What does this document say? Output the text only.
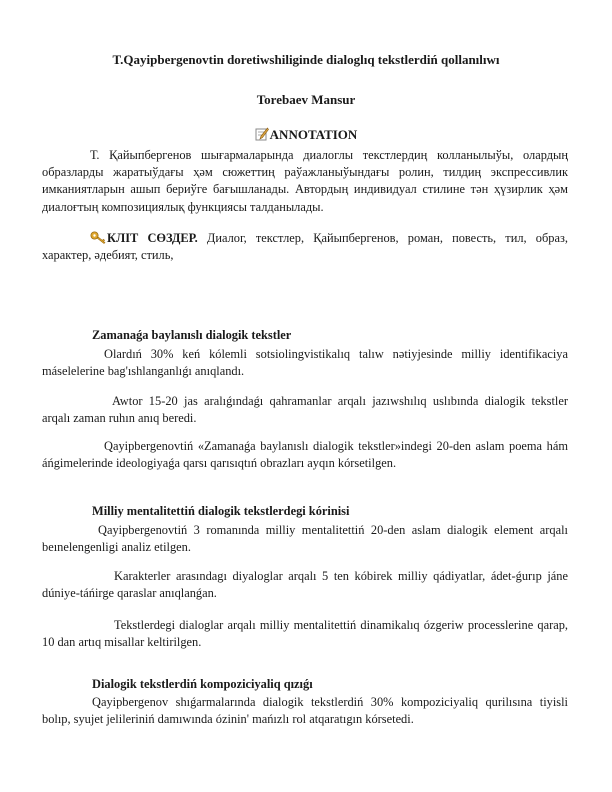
T.Qayipbergenovtin doretiwshiliginde dialoglıq tekstlerdiń qollanılıwı
Torebaev Mansur
ANNOTATION
Т. Қайыпбергенов шығармаларында диалоглы текстлердиң колланылыўы, олардың образларды жаратыўдағы ҳәм сюжеттиң раўажланыўындағы ролин, тилдиң экспрессивлик имканиятларын ашып бериўге бағышланады. Автордың индивидуал стилине тән ҳүзирлик ҳәм диалоғтың композициялық функциясы талданылады.
КЛIТ СӨЗДЕР. Диалог, текстлер, Қайыпбергенов, роман, повесть, тил, образ, характер, әдебият, стиль,
Zamanaǵa baylanıslı dialogik tekstler
Olardıń 30% keń kólemli sotsiolingvistikalıq talıw nətiyjesinde milliy identifikaciya máselelerine bag'ıshlanganlıǵı anıqlandı.
Awtor 15-20 jas aralıǵındaǵı qahramanlar arqalı jazıwshılıq uslıbında dialogik tekstler arqalı zaman ruhın anıq beredi.
Qayipbergenovtiń «Zamanaǵa baylanıslı dialogik tekstler»indegi 20-den aslam poema hám áńgimelerinde ideologiyaǵa qarsı qarısıqtıń obrazları ayqın kórsetilgen.
Milliy mentalitettiń dialogik tekstlerdegi kórinisi
Qayipbergenovtiń 3 romanında milliy mentalitettiń 20-den aslam dialogik element arqalı beınelengenligi analiz etilgen.
Karakterler arasındagı diyaloglar arqalı 5 ten kóbirek milliy qádiyatlar, ádet-ǵurıp jáne dúniye-táńirge qaraslar anıqlanǵan.
Tekstlerdegi dialoglar arqalı milliy mentalitettiń dinamikalıq ózgeriw processlerine qarap, 10 dan artıq misallar keltirilgen.
Dialogik tekstlerdiń kompoziciyaliq qızıǵı
Qayipbergenov shıǵarmalarında dialogik tekstlerdiń 30% kompoziciyaliq qurilısına tiyisli bolıp, syujet jelileriniń damıwında ózinin' mańızlı rol atqaratıgın kórsetedi.
